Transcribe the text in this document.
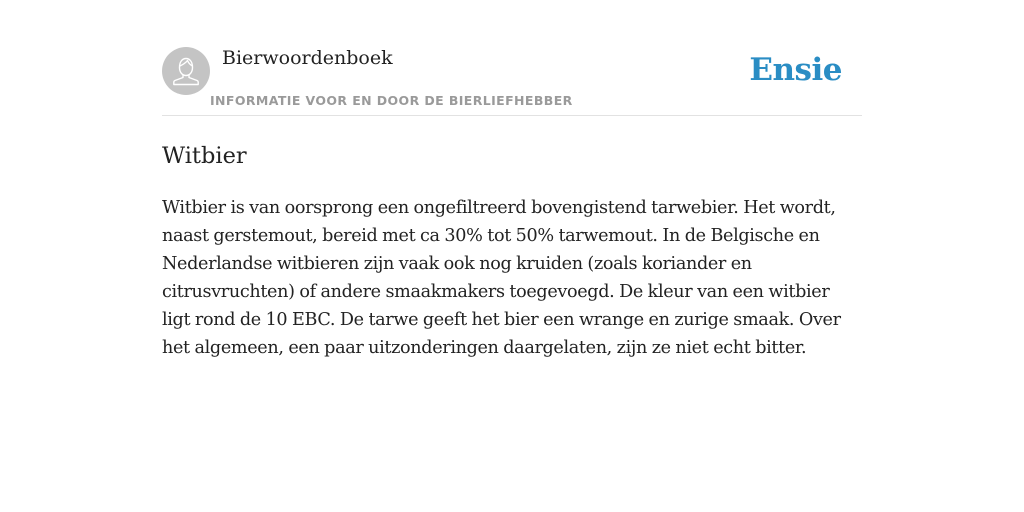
Bierwoordenboek
INFORMATIE VOOR EN DOOR DE BIERLIEFHEBBER
Ensie
Witbier

Witbier is van oorsprong een ongefiltreerd bovengistend tarwebier. Het wordt, naast gerstemout, bereid met ca 30% tot 50% tarwemout. In de Belgische en Nederlandse witbieren zijn vaak ook nog kruiden (zoals koriander en citrusvruchten) of andere smaakmakers toegevoegd. De kleur van een witbier ligt rond de 10 EBC. De tarwe geeft het bier een wrange en zurige smaak. Over het algemeen, een paar uitzonderingen daargelaten, zijn ze niet echt bitter.
